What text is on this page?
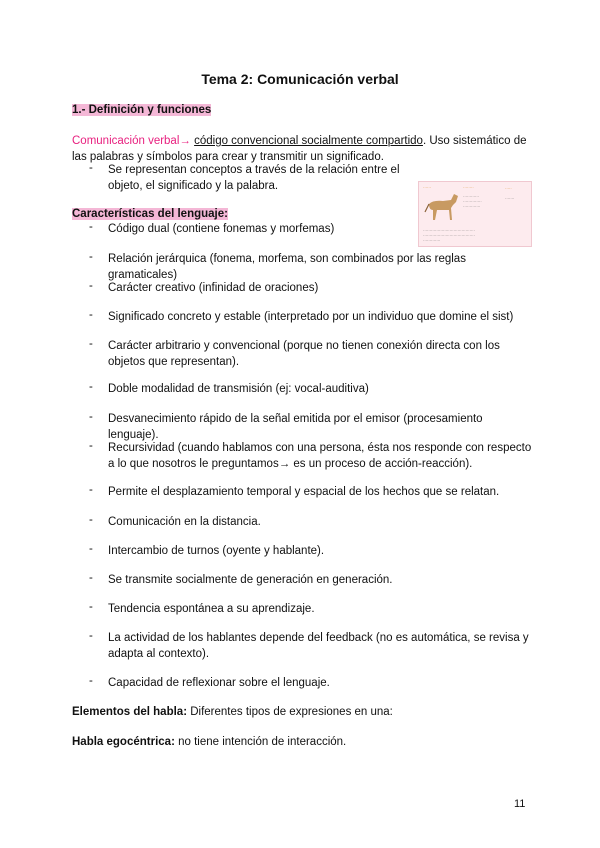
Tema 2: Comunicación verbal
1.- Definición y funciones
Comunicación verbal→ código convencional socialmente compartido. Uso sistemático de
las palabras y símbolos para crear y transmitir un significado.
- Se representan conceptos a través de la relación entre el objeto, el significado y la palabra.	······	········	·····
············
··············
·············
·······
·······································
·······································
·············
Características del lenguaje:
- Código dual (contiene fonemas y morfemas)
- Relación jerárquica (fonema, morfema, son combinados por las reglas gramaticales)
- Carácter creativo (infinidad de oraciones)
- Significado concreto y estable (interpretado por un individuo que domine el sist)
- Carácter arbitrario y convencional (porque no tienen conexión directa con los objetos que representan).
- Doble modalidad de transmisión (ej: vocal-auditiva)
- Desvanecimiento rápido de la señal emitida por el emisor (procesamiento lenguaje).
- Recursividad (cuando hablamos con una persona, ésta nos responde con respecto a lo que nosotros le preguntamos→ es un proceso de acción-reacción).
- Permite el desplazamiento temporal y espacial de los hechos que se relatan.
- Comunicación en la distancia.
- Intercambio de turnos (oyente y hablante).
- Se transmite socialmente de generación en generación.
- Tendencia espontánea a su aprendizaje.
- La actividad de los hablantes depende del feedback (no es automática, se revisa y adapta al contexto).
- Capacidad de reflexionar sobre el lenguaje.
Elementos del habla: Diferentes tipos de expresiones en una:
Habla egocéntrica: no tiene intención de interacción.
11
